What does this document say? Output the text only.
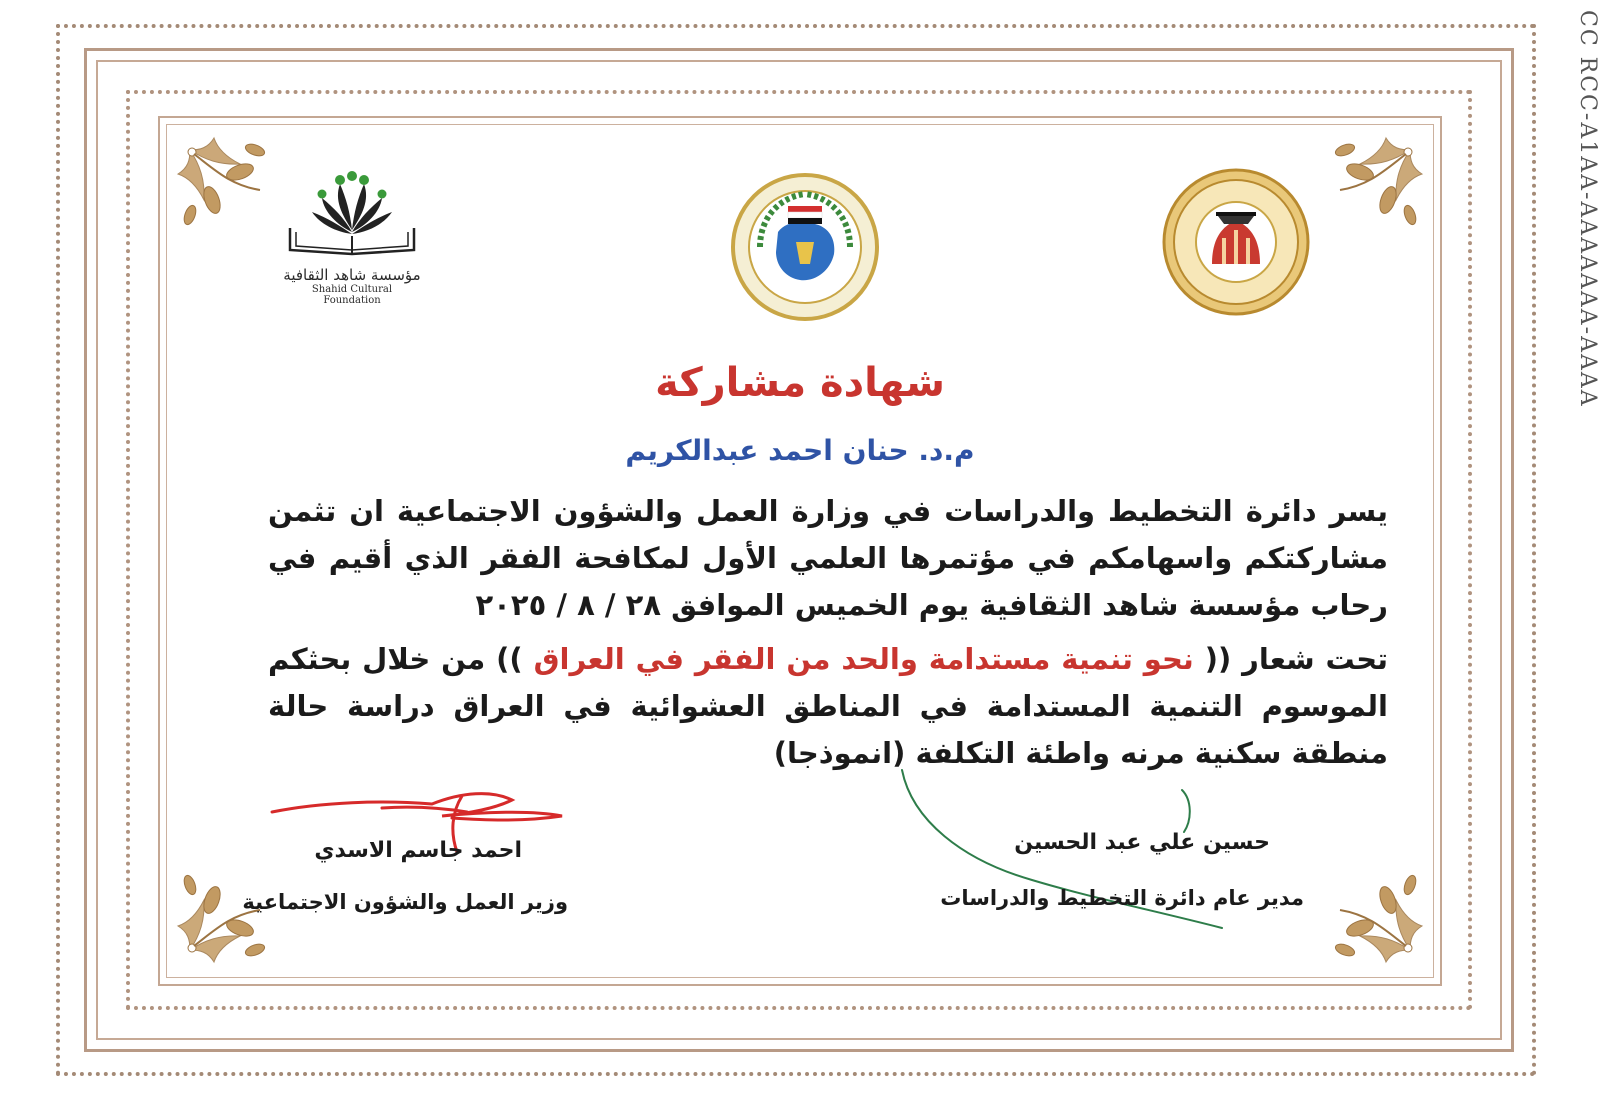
CC RCC-A1AA-AAAAAAA-AAAA
مؤسسة شاهد الثقافية
Shahid Cultural Foundation
شهادة مشاركة
م.د. حنان احمد عبدالكريم
يسر دائرة التخطيط والدراسات في وزارة العمل والشؤون الاجتماعية ان تثمن مشاركتكم واسهامكم في مؤتمرها العلمي الأول لمكافحة الفقر الذي أقيم في رحاب مؤسسة شاهد الثقافية يوم الخميس الموافق ٢٨ / ٨ / ٢٠٢٥
تحت شعار (( نحو تنمية مستدامة والحد من الفقر في العراق )) من خلال بحثكم الموسوم التنمية المستدامة في المناطق العشوائية في العراق دراسة حالة منطقة سكنية مرنه واطئة التكلفة (انموذجا)
حسين علي عبد الحسين
مدير عام دائرة التخطيط والدراسات
احمد جاسم الاسدي
وزير العمل والشؤون الاجتماعية
